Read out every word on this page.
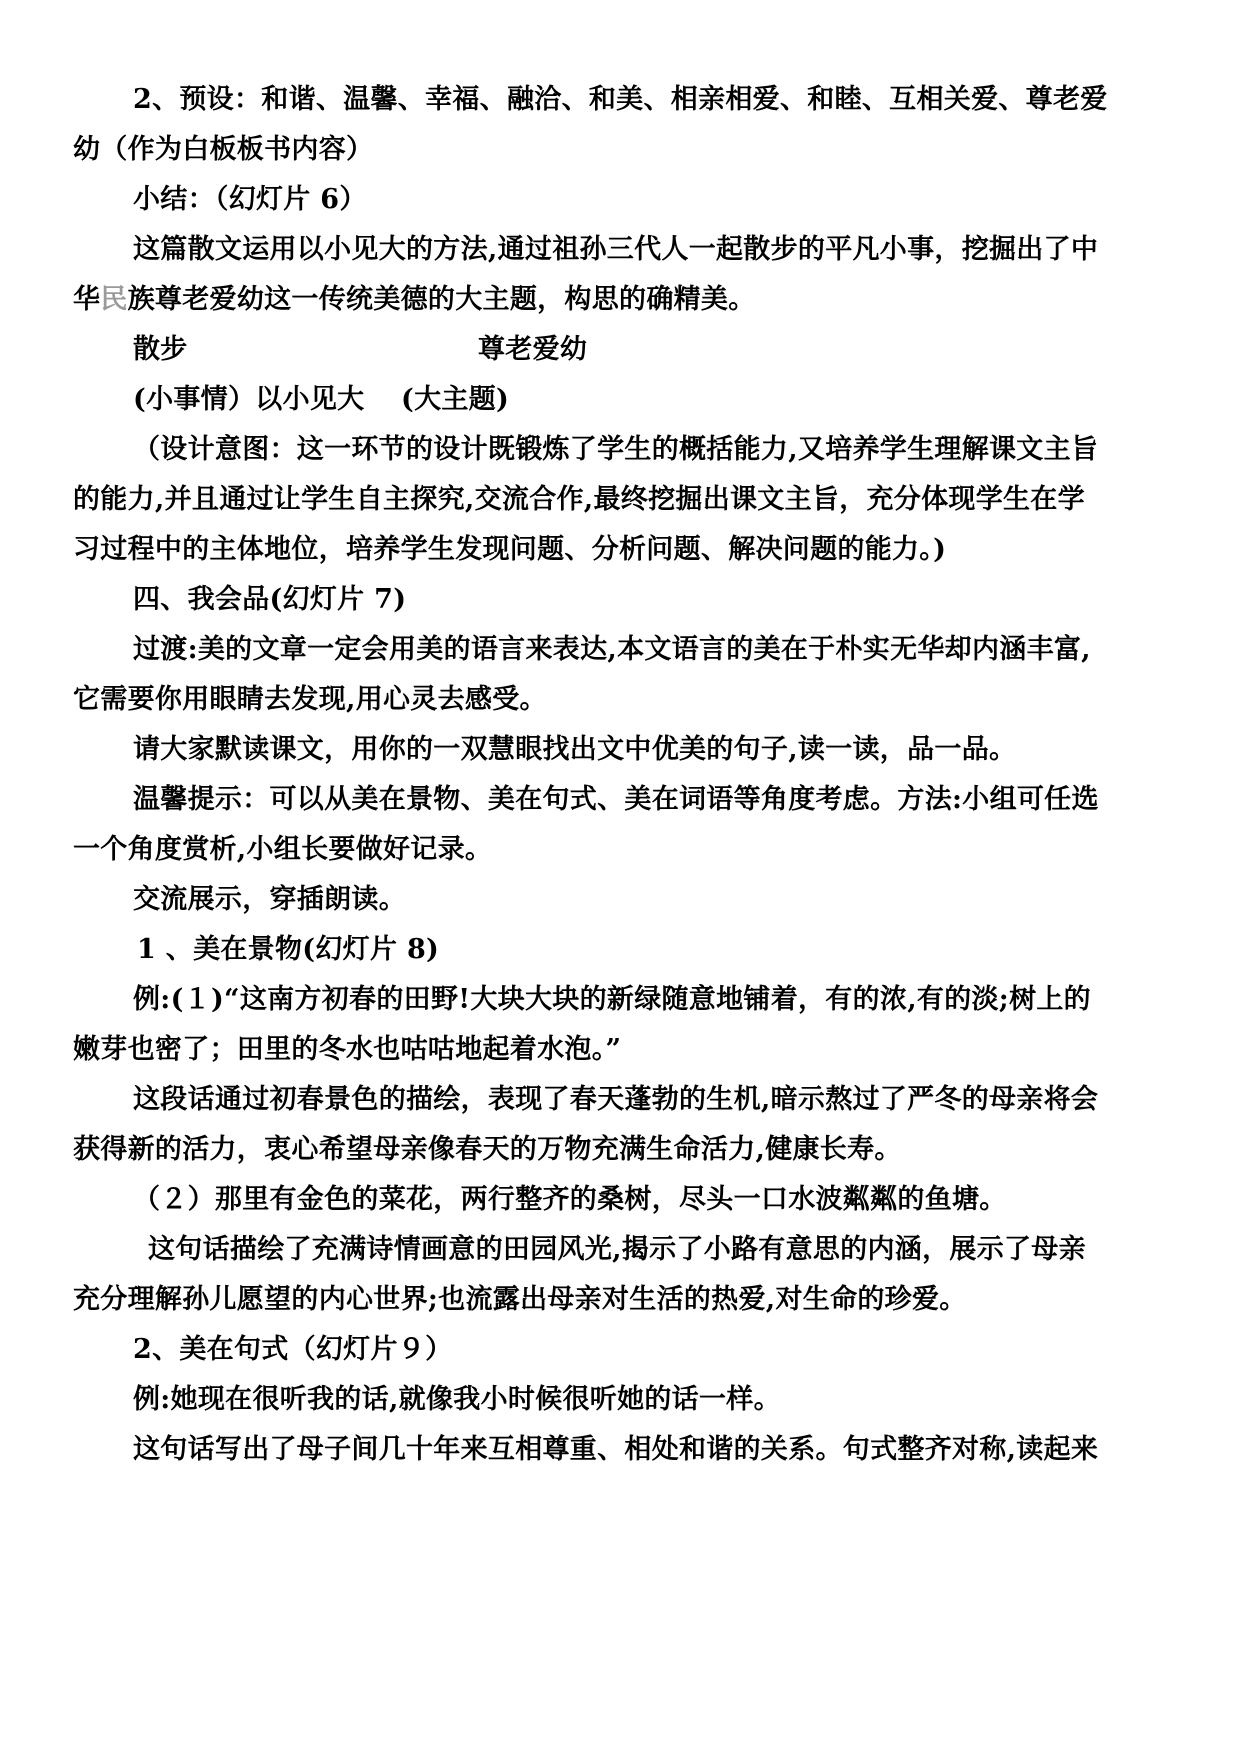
2、预设：和谐、温馨、幸福、融洽、和美、相亲相爱、和睦、互相关爱、尊老爱
幼（作为白板板书内容）
小结：（幻灯片 6）
这篇散文运用以小见大的方法,通过祖孙三代人一起散步的平凡小事，挖掘出了中
华民族尊老爱幼这一传统美德的大主题，构思的确精美。
散步	尊老爱幼
(小事情）以小见大 (大主题)
（设计意图：这一环节的设计既锻炼了学生的概括能力,又培养学生理解课文主旨
的能力,并且通过让学生自主探究,交流合作,最终挖掘出课文主旨，充分体现学生在学
习过程中的主体地位，培养学生发现问题、分析问题、解决问题的能力。)
四、我会品(幻灯片 7)
过渡:美的文章一定会用美的语言来表达,本文语言的美在于朴实无华却内涵丰富,
它需要你用眼睛去发现,用心灵去感受。
请大家默读课文，用你的一双慧眼找出文中优美的句子,读一读，品一品。
温馨提示：可以从美在景物、美在句式、美在词语等角度考虑。方法:小组可任选
一个角度赏析,小组长要做好记录。
交流展示，穿插朗读。
1 、美在景物(幻灯片 8)
例:(１)“这南方初春的田野!大块大块的新绿随意地铺着，有的浓,有的淡;树上的
嫩芽也密了；田里的冬水也咕咕地起着水泡。”
这段话通过初春景色的描绘，表现了春天蓬勃的生机,暗示熬过了严冬的母亲将会
获得新的活力，衷心希望母亲像春天的万物充满生命活力,健康长寿。
（２）那里有金色的菜花，两行整齐的桑树，尽头一口水波粼粼的鱼塘。
这句话描绘了充满诗情画意的田园风光,揭示了小路有意思的内涵，展示了母亲
充分理解孙儿愿望的内心世界;也流露出母亲对生活的热爱,对生命的珍爱。
2、美在句式（幻灯片９）
例:她现在很听我的话,就像我小时候很听她的话一样。
这句话写出了母子间几十年来互相尊重、相处和谐的关系。句式整齐对称,读起来
